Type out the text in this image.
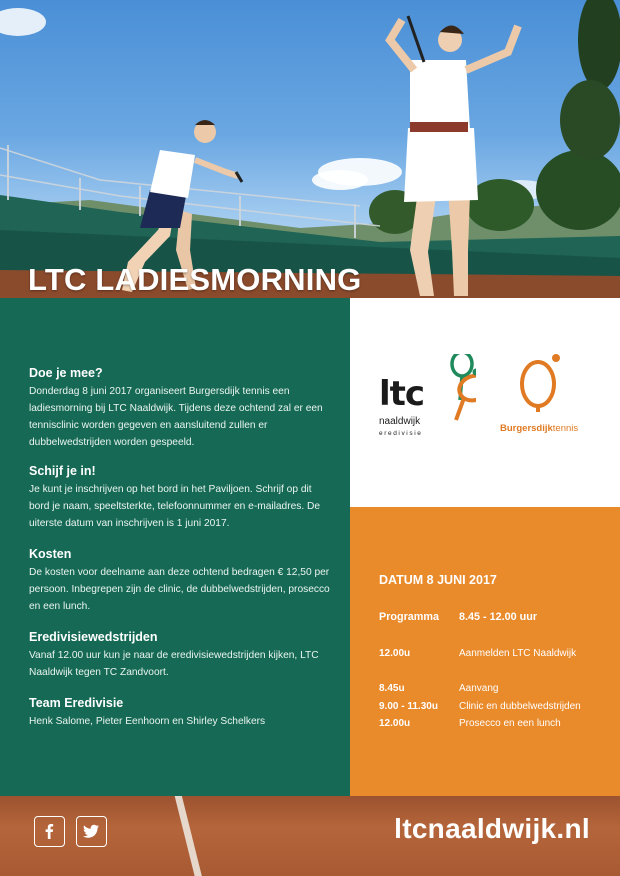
LTC LADIESMORNING
Doe je mee?

Donderdag 8 juni 2017 organiseert Burgersdijk tennis een ladiesmorning bij LTC Naaldwijk. Tijdens deze ochtend zal er een tennisclinic worden gegeven en aansluitend zullen er dubbelwedstrijden worden gespeeld.

Schijf je in!

Je kunt je inschrijven op het bord in het Paviljoen. Schrijf op dit bord je naam, speeltsterkte, telefoonnummer en e-mailadres. De uiterste datum van inschrijven is 1 juni 2017.

Kosten

De kosten voor deelname aan deze ochtend bedragen € 12,50 per persoon. Inbegrepen zijn de clinic, de dubbelwedstrijden, prosecco en een lunch.

Eredivisiewedstrijden

Vanaf 12.00 uur kun je naar de eredivisiewedstrijden kijken, LTC Naaldwijk tegen TC Zandvoort.

Team Eredivisie

Henk Salome, Pieter Eenhoorn en Shirley Schelkers

ltc
naaldwijk
eredivisie	Burgersdijktennis
DATUM 8 JUNI 2017
Programma 8.45 - 12.00 uur
12.00u	Aanmelden LTC Naaldwijk
8.45u	Aanvang
9.00 - 11.30u Clinic en dubbelwedstrijden
12.00u	Prosecco en een lunch
ltcnaaldwijk.nl
